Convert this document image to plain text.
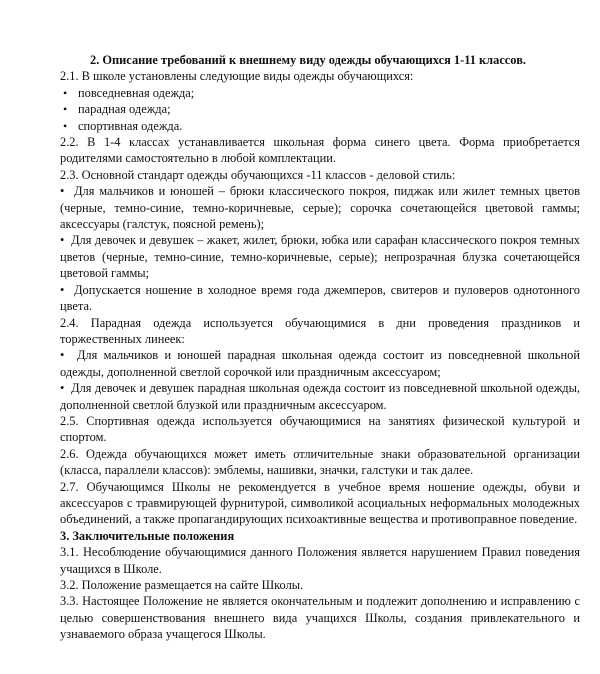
2. Описание требований к внешнему виду одежды обучающихся 1-11 классов.

2.1. В школе установлены следующие виды одежды обучающихся:

• повседневная одежда;
• парадная одежда;
• спортивная одежда.

2.2. В 1-4 классах устанавливается школьная форма синего цвета. Форма приобретается родителями самостоятельно в любой комплектации.

2.3. Основной стандарт одежды обучающихся -11 классов - деловой стиль:

•  Для мальчиков и юношей – брюки классического покроя, пиджак или жилет темных цветов (черные, темно-синие, темно-коричневые, серые); сорочка сочетающейся цветовой гаммы; аксессуары (галстук, поясной ремень);

•  Для девочек и девушек – жакет, жилет, брюки, юбка или сарафан классического покроя темных цветов (черные, темно-синие, темно-коричневые, серые); непрозрачная блузка сочетающейся цветовой гаммы;

•  Допускается ношение в холодное время года джемперов, свитеров и пуловеров однотонного цвета.

2.4. Парадная одежда используется обучающимися в дни проведения праздников и торжественных линеек:

•  Для мальчиков и юношей парадная школьная одежда состоит из повседневной школьной одежды, дополненной светлой сорочкой или праздничным аксессуаром;

•  Для девочек и девушек парадная школьная одежда состоит из повседневной школьной одежды, дополненной светлой блузкой или праздничным аксессуаром.

2.5. Спортивная одежда используется обучающимися на занятиях физической культурой и спортом.

2.6. Одежда обучающихся может иметь отличительные знаки образовательной организации (класса, параллели классов): эмблемы, нашивки, значки, галстуки и так далее.

2.7. Обучающимся Школы не рекомендуется в учебное время ношение одежды, обуви и аксессуаров с травмирующей фурнитурой, символикой асоциальных неформальных молодежных объединений, а также пропагандирующих психоактивные вещества и противоправное поведение.

3. Заключительные положения

3.1. Несоблюдение обучающимися данного Положения является нарушением Правил поведения учащихся в Школе.

3.2. Положение размещается на сайте Школы.

3.3. Настоящее Положение не является окончательным и подлежит дополнению и исправлению с целью совершенствования внешнего вида учащихся Школы, создания привлекательного и узнаваемого образа учащегося Школы.
